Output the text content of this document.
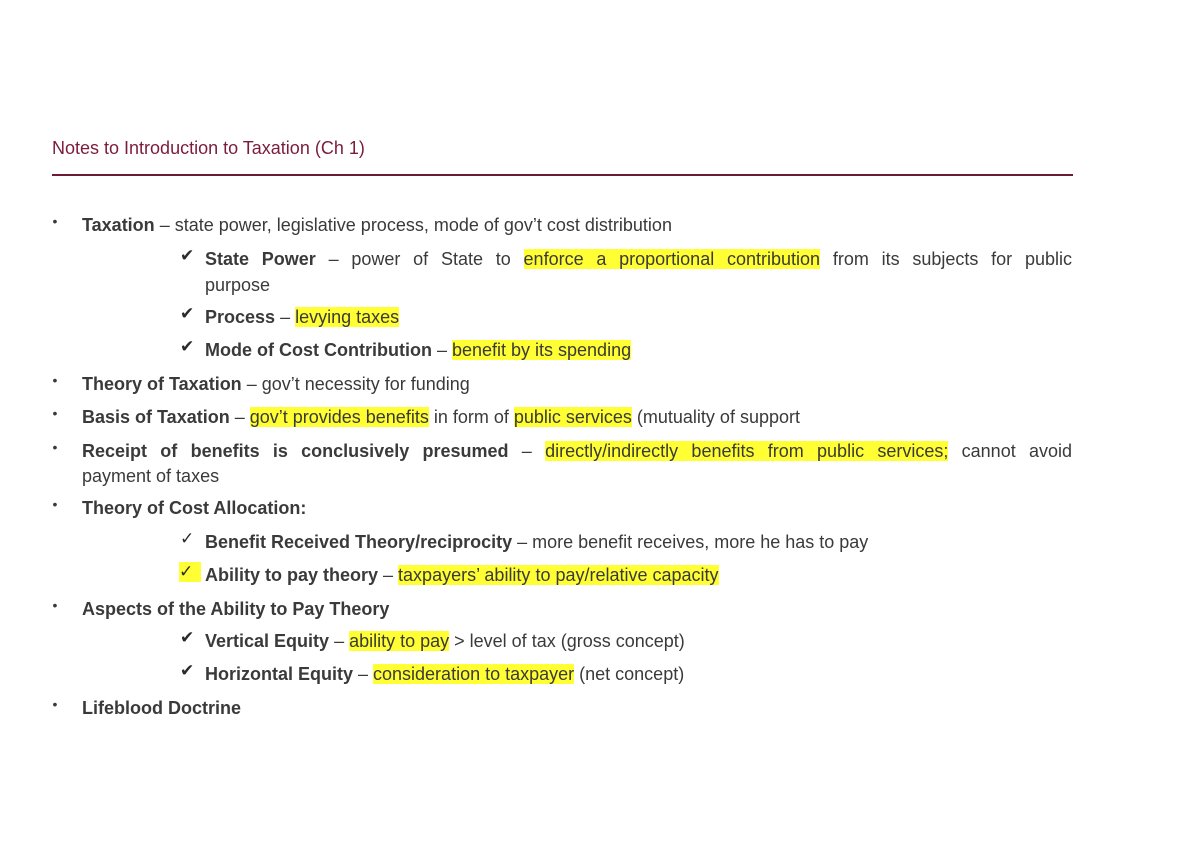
Notes to Introduction to Taxation (Ch 1)
• Taxation – state power, legislative process, mode of gov’t cost distribution
✔ State Power – power of State to enforce a proportional contribution from its subjects for public
purpose
✔ Process – levying taxes
✔ Mode of Cost Contribution – benefit by its spending
• Theory of Taxation – gov’t necessity for funding
• Basis of Taxation – gov’t provides benefits in form of public services (mutuality of support
• Receipt of benefits is conclusively presumed – directly/indirectly benefits from public services; cannot avoid
payment of taxes
• Theory of Cost Allocation:
✓ Benefit Received Theory/reciprocity – more benefit receives, more he has to pay
✓ Ability to pay theory – taxpayers’ ability to pay/relative capacity
• Aspects of the Ability to Pay Theory
✔ Vertical Equity – ability to pay > level of tax (gross concept)
✔ Horizontal Equity – consideration to taxpayer (net concept)
• Lifeblood Doctrine
